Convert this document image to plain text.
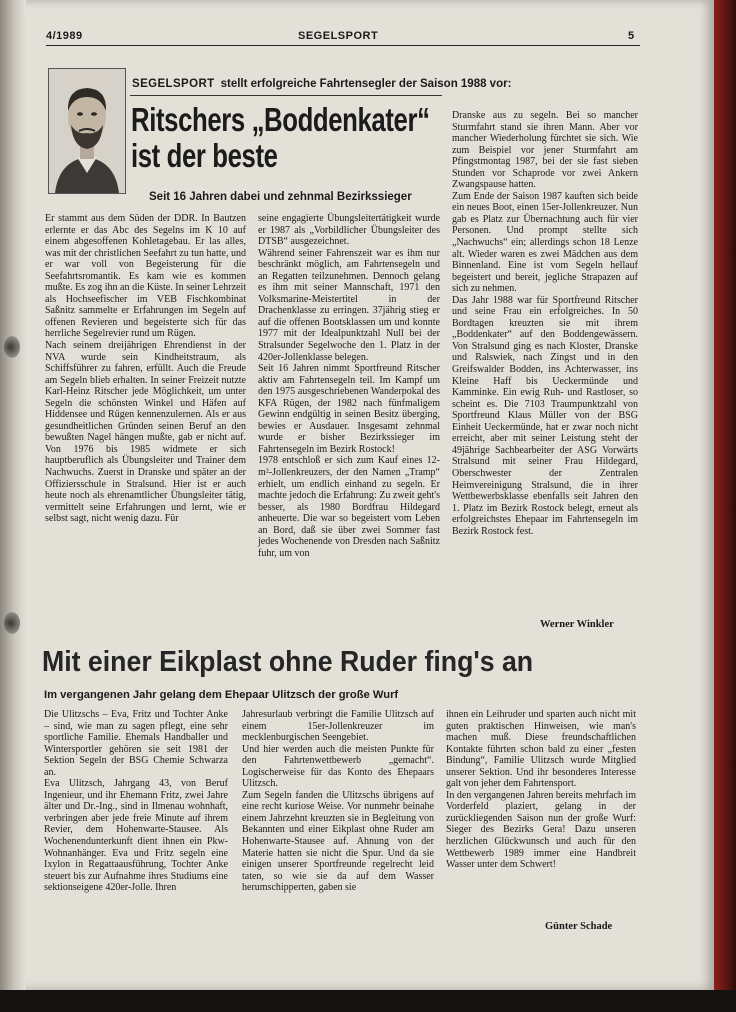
4/1989	SEGELSPORT	5
SEGELSPORT stellt erfolgreiche Fahrtensegler der Saison 1988 vor:
Ritschers „Boddenkater“
ist der beste
Seit 16 Jahren dabei und zehnmal Bezirkssieger

Er stammt aus dem Süden der DDR. In Bautzen erlernte er das Abc des Segelns im K 10 auf einem abgesoffenen Kohletagebau. Er las alles, was mit der christlichen Seefahrt zu tun hatte, und er war voll von Begeisterung für die Seefahrtsromantik. Es kam wie es kommen mußte. Es zog ihn an die Küste. In seiner Lehrzeit als Hochseefischer im VEB Fischkombinat Saßnitz sammelte er Erfahrungen im Segeln auf offenen Revieren und begeisterte sich für das herrliche Segelrevier rund um Rügen.

Nach seinem dreijährigen Ehrendienst in der NVA wurde sein Kindheitstraum, als Schiffsführer zu fahren, erfüllt. Auch die Freude am Segeln blieb erhalten. In seiner Freizeit nutzte Karl-Heinz Ritscher jede Möglichkeit, um unter Segeln die schönsten Winkel und Häfen auf Hiddensee und Rügen kennenzulernen. Als er aus gesundheitlichen Gründen seinen Beruf an den bewußten Nagel hängen mußte, gab er nicht auf. Von 1976 bis 1985 widmete er sich hauptberuflich als Übungsleiter und Trainer dem Nachwuchs. Zuerst in Dranske und später an der Offiziersschule in Stralsund. Hier ist er auch heute noch als ehrenamtlicher Übungsleiter tätig, vermittelt seine Erfahrungen und lernt, wie er selbst sagt, nicht wenig dazu. Für

seine engagierte Übungsleitertätigkeit wurde er 1987 als „Vorbildlicher Übungsleiter des DTSB“ ausgezeichnet.

Während seiner Fahrenszeit war es ihm nur beschränkt möglich, am Fahrtensegeln und an Regatten teilzunehmen. Dennoch gelang es ihm mit seiner Mannschaft, 1971 den Volksmarine-Meistertitel in der Drachenklasse zu erringen. 37jährig stieg er auf die offenen Bootsklassen um und konnte 1977 mit der Idealpunktzahl Null bei der Stralsunder Segelwoche den 1. Platz in der 420er-Jollenklasse belegen.

Seit 16 Jahren nimmt Sportfreund Ritscher aktiv am Fahrtensegeln teil. Im Kampf um den 1975 ausgeschriebenen Wanderpokal des KFA Rügen, der 1982 nach fünfmaligem Gewinn endgültig in seinen Besitz überging, bewies er Ausdauer. Insgesamt zehnmal wurde er bisher Bezirkssieger im Fahrtensegeln im Bezirk Rostock!

1978 entschloß er sich zum Kauf eines 12-m²-Jollenkreuzers, der den Namen „Tramp“ erhielt, um endlich einhand zu segeln. Er machte jedoch die Erfahrung: Zu zweit geht's besser, als 1980 Bordfrau Hildegard anheuerte. Die war so begeistert vom Leben an Bord, daß sie über zwei Sommer fast jedes Wochenende von Dresden nach Saßnitz fuhr, um von

Dranske aus zu segeln. Bei so mancher Sturmfahrt stand sie ihren Mann. Aber vor mancher Wiederholung fürchtet sie sich. Wie zum Beispiel vor jener Sturmfahrt am Pfingstmontag 1987, bei der sie fast sieben Stunden vor Schaprode vor zwei Ankern Zwangspause hatten.

Zum Ende der Saison 1987 kauften sich beide ein neues Boot, einen 15er-Jollenkreuzer. Nun gab es Platz zur Übernachtung auch für vier Personen. Und prompt stellte sich „Nachwuchs“ ein; allerdings schon 18 Lenze alt. Wieder waren es zwei Mädchen aus dem Binnenland. Eine ist vom Segeln hellauf begeistert und bereit, jegliche Strapazen auf sich zu nehmen.

Das Jahr 1988 war für Sportfreund Ritscher und seine Frau ein erfolgreiches. In 50 Bordtagen kreuzten sie mit ihrem „Boddenkater“ auf den Boddengewässern. Von Stralsund ging es nach Kloster, Dranske und Ralswiek, nach Zingst und in den Greifswalder Bodden, ins Achterwasser, ins Kleine Haff bis Ueckermünde und Kamminke. Ein ewig Ruh- und Rastloser, so scheint es. Die 7103 Traumpunktzahl von Sportfreund Klaus Müller von der BSG Einheit Ueckermünde, hat er zwar noch nicht erreicht, aber mit seiner Leistung steht der 49jährige Sachbearbeiter der ASG Vorwärts Stralsund mit seiner Frau Hildegard, Oberschwester der Zentralen Heimvereinigung Stralsund, die in ihrer Wettbewerbsklasse ebenfalls seit Jahren den 1. Platz im Bezirk Rostock belegt, erneut als erfolgreichstes Ehepaar im Fahrtensegeln im Bezirk Rostock fest.

Werner Winkler
Mit einer Eikplast ohne Ruder fing's an
Im vergangenen Jahr gelang dem Ehepaar Ulitzsch der große Wurf

Die Ulitzschs – Eva, Fritz und Tochter Anke – sind, wie man zu sagen pflegt, eine sehr sportliche Familie. Ehemals Handballer und Wintersportler gehören sie seit 1981 der Sektion Segeln der BSG Chemie Schwarza an.

Eva Ulitzsch, Jahrgang 43, von Beruf Ingenieur, und ihr Ehemann Fritz, zwei Jahre älter und Dr.-Ing., sind in Ilmenau wohnhaft, verbringen aber jede freie Minute auf ihrem Revier, dem Hohenwarte-Stausee. Als Wochenendunterkunft dient ihnen ein Pkw-Wohnanhänger. Eva und Fritz segeln eine Ixylon in Regattaausführung, Tochter Anke steuert bis zur Aufnahme ihres Studiums eine sektionseigene 420er-Jolle. Ihren

Jahresurlaub verbringt die Familie Ulitzsch auf einem 15er-Jollenkreuzer im mecklenburgischen Seengebiet.

Und hier werden auch die meisten Punkte für den Fahrtenwettbewerb „gemacht“. Logischerweise für das Konto des Ehepaars Ulitzsch.

Zum Segeln fanden die Ulitzschs übrigens auf eine recht kuriose Weise. Vor nunmehr beinahe einem Jahrzehnt kreuzten sie in Begleitung von Bekannten und einer Eikplast ohne Ruder am Hohenwarte-Stausee auf. Ahnung von der Materie hatten sie nicht die Spur. Und da sie einigen unserer Sportfreunde regelrecht leid taten, so wie sie da auf dem Wasser herumschipperten, gaben sie

ihnen ein Leihruder und sparten auch nicht mit guten praktischen Hinweisen, wie man's machen muß. Diese freundschaftlichen Kontakte führten schon bald zu einer „festen Bindung“, Familie Ulitzsch wurde Mitglied unserer Sektion. Und ihr besonderes Interesse galt von jeher dem Fahrtensport.

In den vergangenen Jahren bereits mehrfach im Vorderfeld plaziert, gelang in der zurückliegenden Saison nun der große Wurf: Sieger des Bezirks Gera! Dazu unseren herzlichen Glückwunsch und auch für den Wettbewerb 1989 immer eine Handbreit Wasser unter dem Schwert!

Günter Schade
